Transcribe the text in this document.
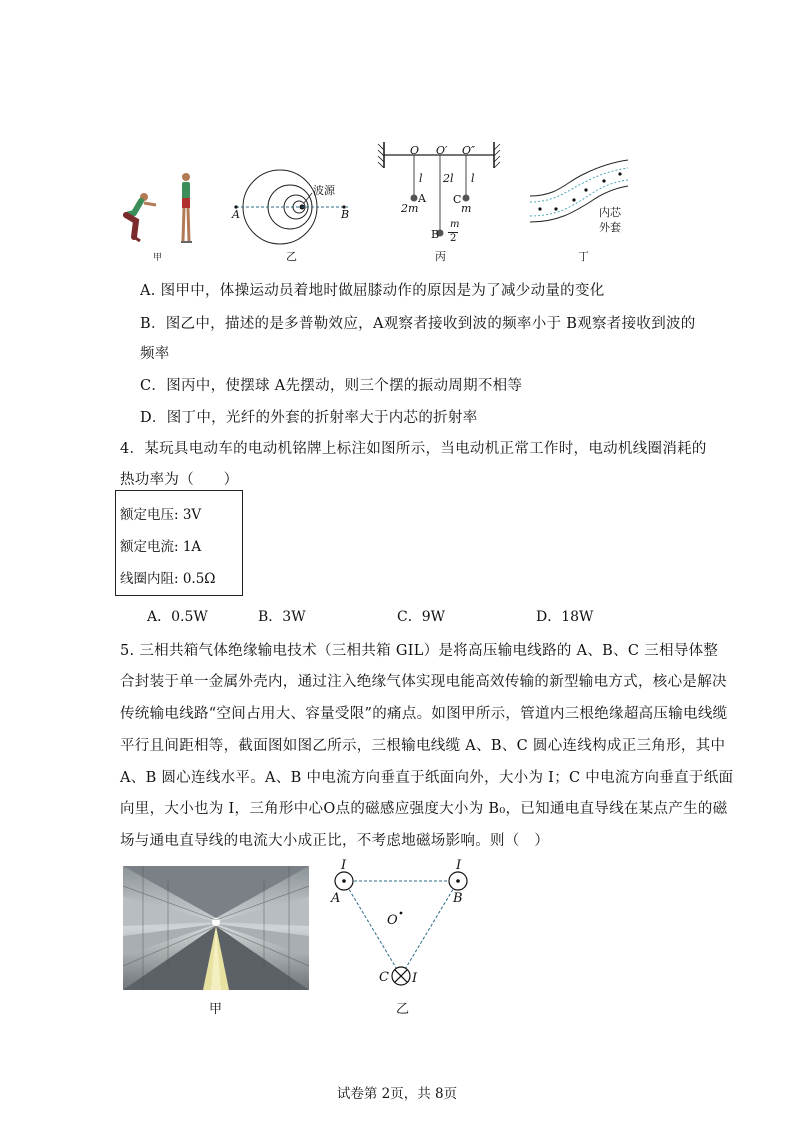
甲
波源
A	B
乙
O O′ O″
l 2l l
A
2m
C
m
B
m
2
丙
内芯
外套
丁
A. 图甲中，体操运动员着地时做屈膝动作的原因是为了减少动量的变化
B．图乙中，描述的是多普勒效应，A观察者接收到波的频率小于 B观察者接收到波的
频率
C．图丙中，使摆球 A先摆动，则三个摆的振动周期不相等
D．图丁中，光纤的外套的折射率大于内芯的折射率
4．某玩具电动车的电动机铭牌上标注如图所示，当电动机正常工作时，电动机线圈消耗的
热功率为（　　）
额定电压: 3V
额定电流: 1A
线圈内阻: 0.5Ω
A．0.5W	B．3W	C．9W	D．18W
5. 三相共箱气体绝缘输电技术（三相共箱 GIL）是将高压输电线路的 A、B、C 三相导体整
合封装于单一金属外壳内，通过注入绝缘气体实现电能高效传输的新型输电方式，核心是解决
传统输电线路“空间占用大、容量受限”的痛点。如图甲所示，管道内三根绝缘超高压输电线缆
平行且间距相等，截面图如图乙所示，三根输电线缆 A、B、C 圆心连线构成正三角形，其中
A、B 圆心连线水平。A、B 中电流方向垂直于纸面向外，大小为 I；C 中电流方向垂直于纸面
向里，大小也为 I，三角形中心O点的磁感应强度大小为 B₀，已知通电直导线在某点产生的磁
场与通电直导线的电流大小成正比，不考虑地磁场影响。则（　）
甲
I	I
A	B
O
C I
乙
试卷第 2页，共 8页
